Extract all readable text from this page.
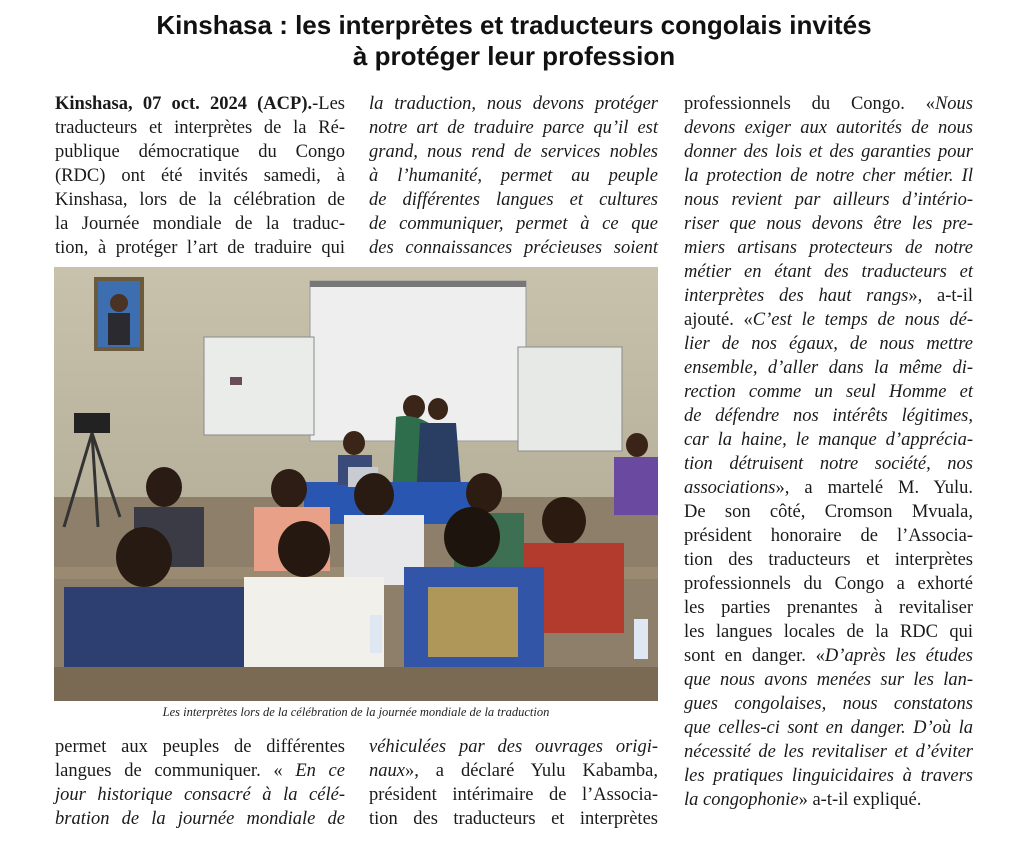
Kinshasa : les interprètes et traducteurs congolais invités
à protéger leur profession
Kinshasa, 07 oct. 2024 (ACP).-Les
traducteurs et interprètes de la Ré-
publique démocratique du Congo
(RDC) ont été invités samedi, à
Kinshasa, lors de la célébration de
la Journée mondiale de la traduc-
tion, à protéger l’art de traduire qui
la traduction, nous devons protéger
notre art de traduire parce qu’il est
grand, nous rend de services nobles
à l’humanité, permet au peuple
de différentes langues et cultures
de communiquer, permet à ce que
des connaissances précieuses soient
Les interprètes lors de la célébration de la journée mondiale de la traduction
permet aux peuples de différentes
langues de communiquer. « En ce
jour historique consacré à la célé-
bration de la journée mondiale de
véhiculées par des ouvrages origi-
naux», a déclaré Yulu Kabamba,
président intérimaire de l’Associa-
tion des traducteurs et interprètes
professionnels du Congo. «Nous
devons exiger aux autorités de nous
donner des lois et des garanties pour
la protection de notre cher métier. Il
nous revient par ailleurs d’intério-
riser que nous devons être les pre-
miers artisans protecteurs de notre
métier en étant des traducteurs et
interprètes des haut rangs», a-t-il
ajouté. «C’est le temps de nous dé-
lier de nos égaux, de nous mettre
ensemble, d’aller dans la même di-
rection comme un seul Homme et
de défendre nos intérêts légitimes,
car la haine, le manque d’apprécia-
tion détruisent notre société, nos
associations», a martelé M. Yulu.
De son côté, Cromson Mvuala,
président honoraire de l’Associa-
tion des traducteurs et interprètes
professionnels du Congo a exhorté
les parties prenantes à revitaliser
les langues locales de la RDC qui
sont en danger. «D’après les études
que nous avons menées sur les lan-
gues congolaises, nous constatons
que celles-ci sont en danger. D’où la
nécessité de les revitaliser et d’éviter
les pratiques linguicidaires à travers
la congophonie» a-t-il expliqué.
